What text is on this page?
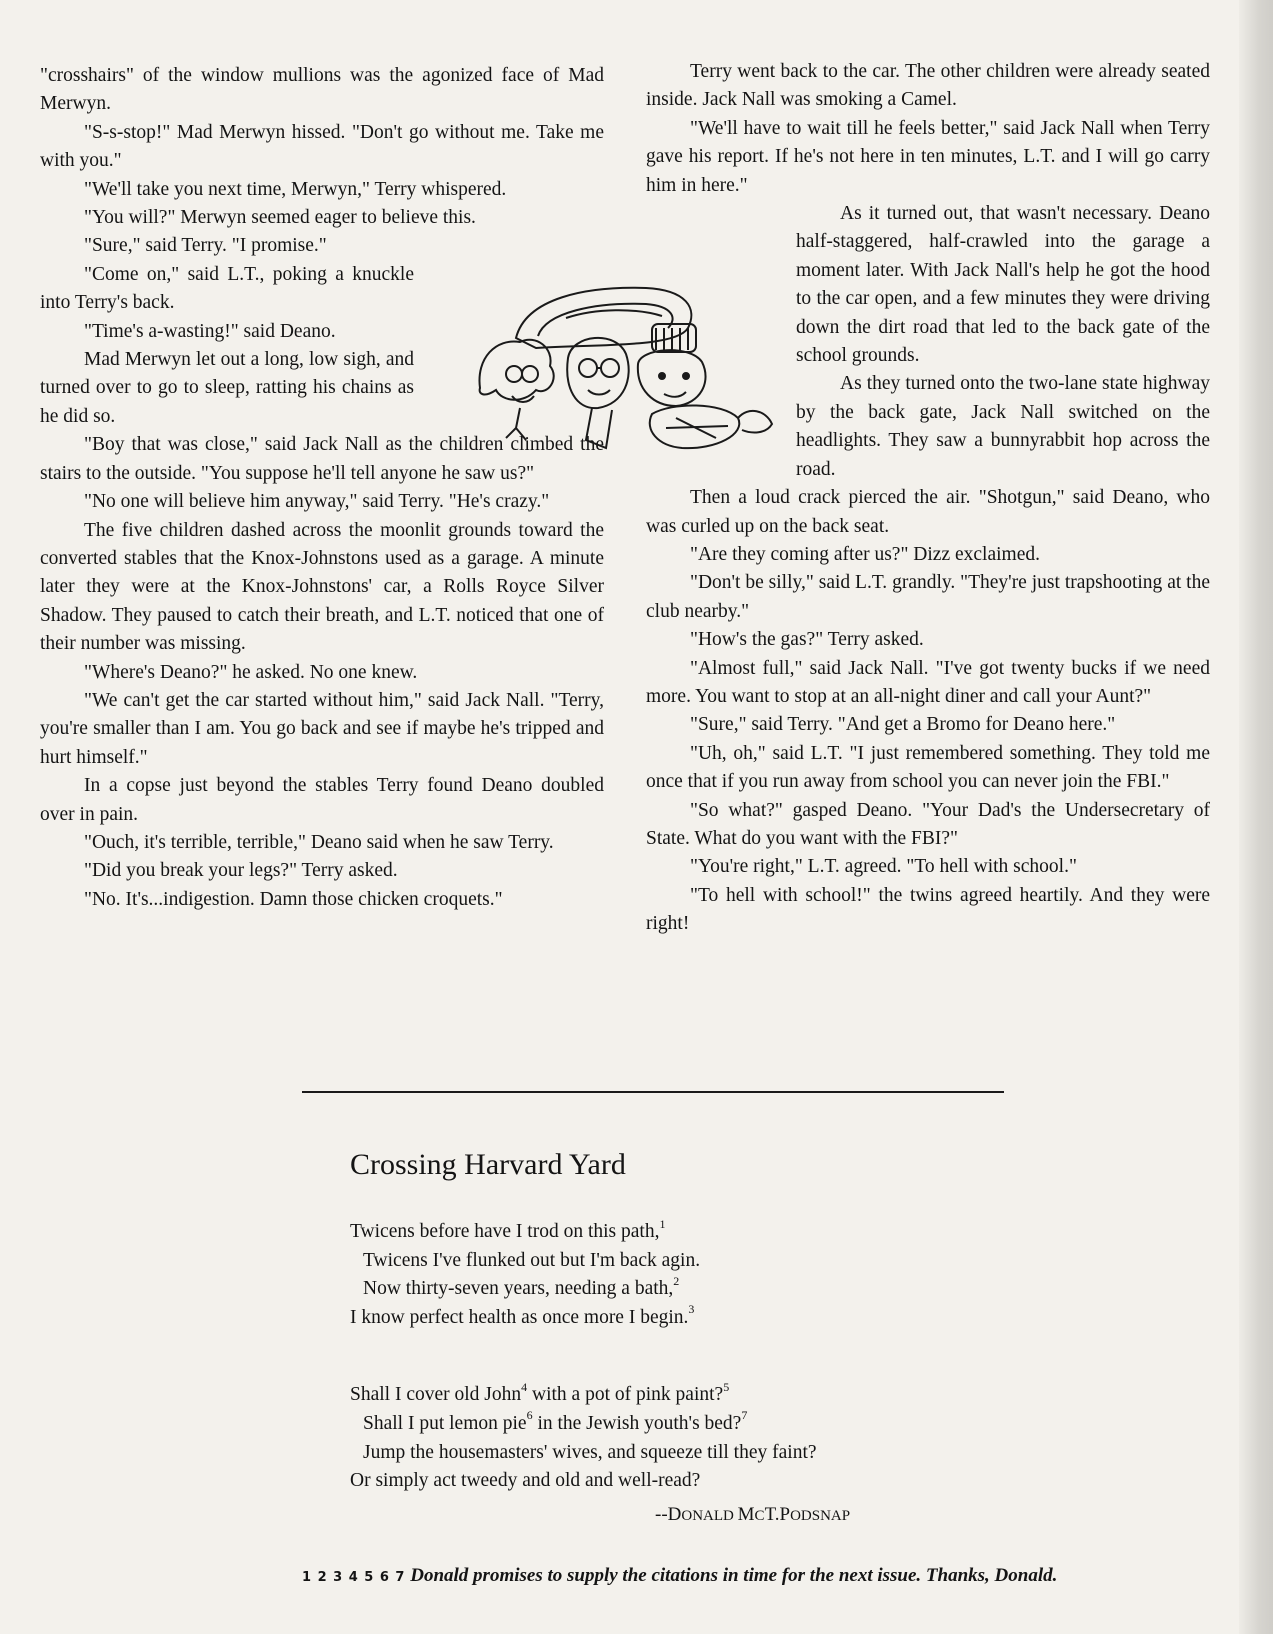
"crosshairs" of the window mullions was the agonized face of Mad Merwyn.

"S-s-stop!" Mad Merwyn hissed. "Don't go without me. Take me with you."

"We'll take you next time, Merwyn," Terry whispered.

"You will?" Merwyn seemed eager to believe this.

"Sure," said Terry. "I promise."

"Come on," said L.T., poking a knuckle into Terry's back.

"Time's a-wasting!" said Deano.

Mad Merwyn let out a long, low sigh, and turned over to go to sleep, ratting his chains as he did so.

"Boy that was close," said Jack Nall as the children climbed the stairs to the outside. "You suppose he'll tell anyone he saw us?"

"No one will believe him anyway," said Terry. "He's crazy."

The five children dashed across the moonlit grounds toward the converted stables that the Knox-Johnstons used as a garage. A minute later they were at the Knox-Johnstons' car, a Rolls Royce Silver Shadow. They paused to catch their breath, and L.T. noticed that one of their number was missing.

"Where's Deano?" he asked. No one knew.

"We can't get the car started without him," said Jack Nall. "Terry, you're smaller than I am. You go back and see if maybe he's tripped and hurt himself."

In a copse just beyond the stables Terry found Deano doubled over in pain.

"Ouch, it's terrible, terrible," Deano said when he saw Terry.

"Did you break your legs?" Terry asked.

"No. It's...indigestion. Damn those chicken croquets."

Terry went back to the car. The other children were already seated inside. Jack Nall was smoking a Camel.

"We'll have to wait till he feels better," said Jack Nall when Terry gave his report. If he's not here in ten minutes, L.T. and I will go carry him in here."

As it turned out, that wasn't necessary. Deano half-staggered, half-crawled into the garage a moment later. With Jack Nall's help he got the hood to the car open, and a few minutes they were driving down the dirt road that led to the back gate of the school grounds.

As they turned onto the two-lane state highway by the back gate, Jack Nall switched on the headlights. They saw a bunnyrabbit hop across the road.

Then a loud crack pierced the air. "Shotgun," said Deano, who was curled up on the back seat.

"Are they coming after us?" Dizz exclaimed.

"Don't be silly," said L.T. grandly. "They're just trapshooting at the club nearby."

"How's the gas?" Terry asked.

"Almost full," said Jack Nall. "I've got twenty bucks if we need more. You want to stop at an all-night diner and call your Aunt?"

"Sure," said Terry. "And get a Bromo for Deano here."

"Uh, oh," said L.T. "I just remembered something. They told me once that if you run away from school you can never join the FBI."

"So what?" gasped Deano. "Your Dad's the Undersecretary of State. What do you want with the FBI?"

"You're right," L.T. agreed. "To hell with school."

"To hell with school!" the twins agreed heartily. And they were right!

Crossing Harvard Yard
Twicens before have I trod on this path,$^1$
Twicens I've flunked out but I'm back agin.
Now thirty-seven years, needing a bath,$^2$
I know perfect health as once more I begin.$^3$
Shall I cover old John$^4$ with a pot of pink paint?$^5$
Shall I put lemon pie$^6$ in the Jewish youth's bed?$^7$
Jump the housemasters' wives, and squeeze till they faint?
Or simply act tweedy and old and well-read?
--DONALD MCT.PODSNAP
1 2 3 4 5 6 7 Donald promises to supply the citations in time for the next issue. Thanks, Donald.
